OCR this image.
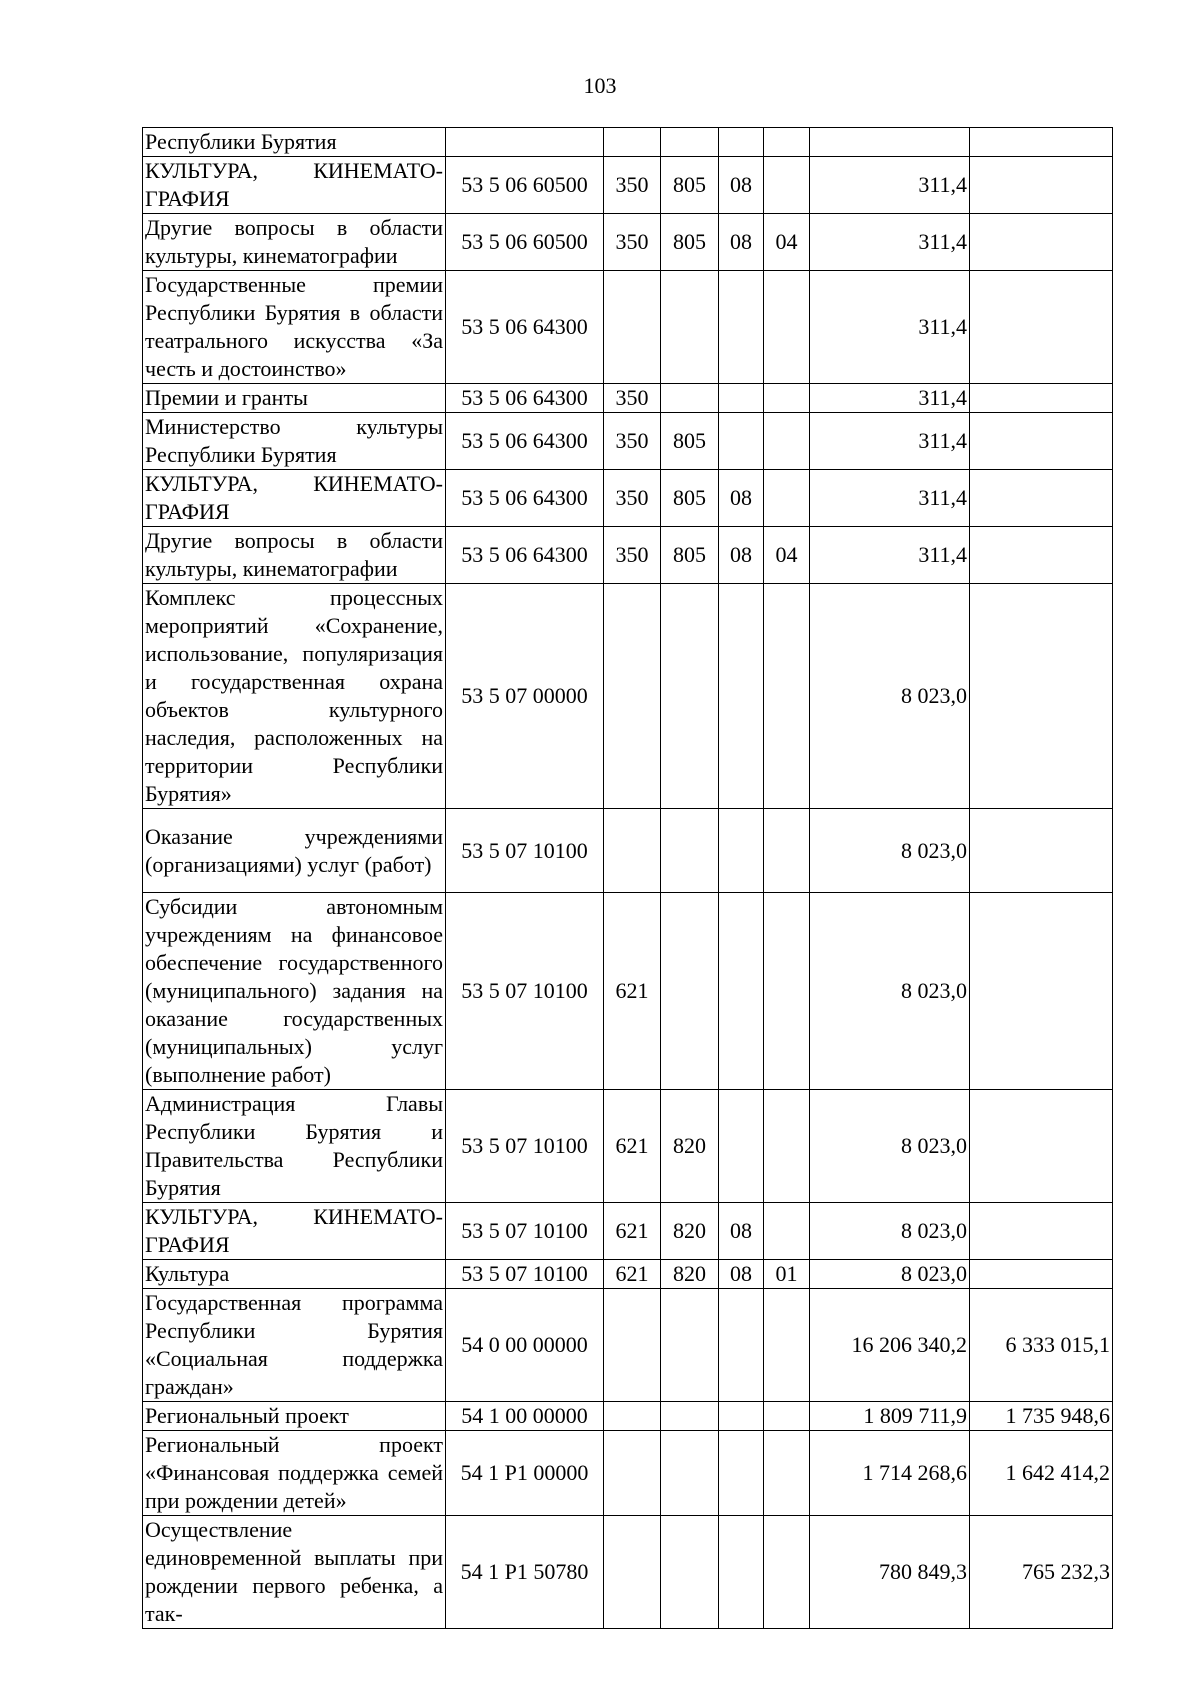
103
Республики Бурятия							
КУЛЬТУРА, КИНЕМАТО-ГРАФИЯ	53 5 06 60500	350	805	08		311,4	
Другие вопросы в области культуры, кинематографии	53 5 06 60500	350	805	08	04	311,4	
Государственные премии Республики Бурятия в области театрального искусства «За честь и достоинство»	53 5 06 64300					311,4	
Премии и гранты	53 5 06 64300	350				311,4	
Министерство культуры Республики Бурятия	53 5 06 64300	350	805			311,4	
КУЛЬТУРА, КИНЕМАТО-ГРАФИЯ	53 5 06 64300	350	805	08		311,4	
Другие вопросы в области культуры, кинематографии	53 5 06 64300	350	805	08	04	311,4	
Комплекс процессных мероприятий «Сохранение, использование, популяризация и государственная охрана объектов культурного наследия, расположенных на территории Республики Бурятия»	53 5 07 00000					8 023,0	
Оказание учреждениями (организациями) услуг (работ)	53 5 07 10100					8 023,0	
Субсидии автономным учреждениям на финансовое обеспечение государственного (муниципального) задания на оказание государственных (муниципальных) услуг (выполнение работ)	53 5 07 10100	621				8 023,0	
Администрация Главы Республики Бурятия и Правительства Республики Бурятия	53 5 07 10100	621	820			8 023,0	
КУЛЬТУРА, КИНЕМАТО-ГРАФИЯ	53 5 07 10100	621	820	08		8 023,0	
Культура	53 5 07 10100	621	820	08	01	8 023,0	
Государственная программа Республики Бурятия «Социальная поддержка граждан»	54 0 00 00000					16 206 340,2	6 333 015,1
Региональный проект	54 1 00 00000					1 809 711,9	1 735 948,6
Региональный проект «Финансовая поддержка семей при рождении детей»	54 1 P1 00000					1 714 268,6	1 642 414,2
Осуществление единовременной выплаты при рождении первого ребенка, а так-	54 1 P1 50780					780 849,3	765 232,3
